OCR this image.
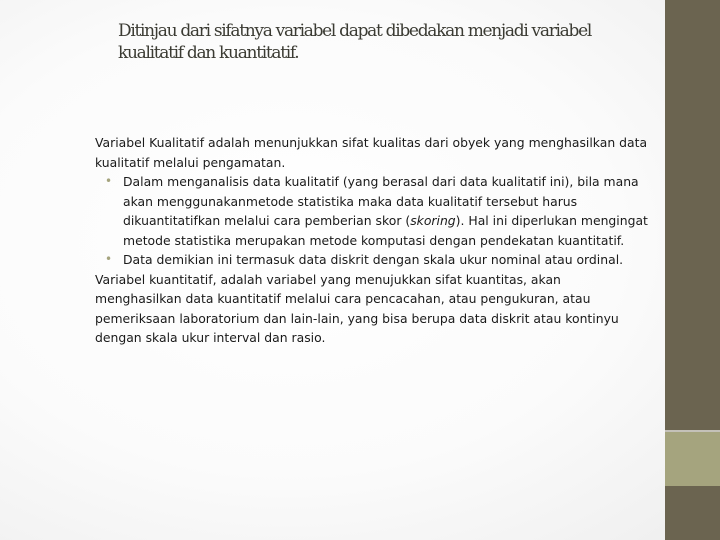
Ditinjau dari sifatnya variabel dapat dibedakan menjadi variabel kualitatif dan kuantitatif.

Variabel Kualitatif adalah menunjukkan sifat kualitas dari obyek yang menghasilkan data kualitatif melalui pengamatan.

• Dalam menganalisis data kualitatif (yang berasal dari data kualitatif ini), bila mana akan menggunakanmetode statistika maka data kualitatif tersebut harus dikuantitatifkan melalui cara pemberian skor (skoring). Hal ini diperlukan mengingat metode statistika merupakan metode komputasi dengan pendekatan kuantitatif.
• Data demikian ini termasuk data diskrit dengan skala ukur nominal atau ordinal.

Variabel kuantitatif, adalah variabel yang menujukkan sifat kuantitas, akan menghasilkan data kuantitatif melalui cara pencacahan, atau pengukuran, atau pemeriksaan laboratorium dan lain-lain, yang bisa berupa data diskrit atau kontinyu dengan skala ukur interval dan rasio.
